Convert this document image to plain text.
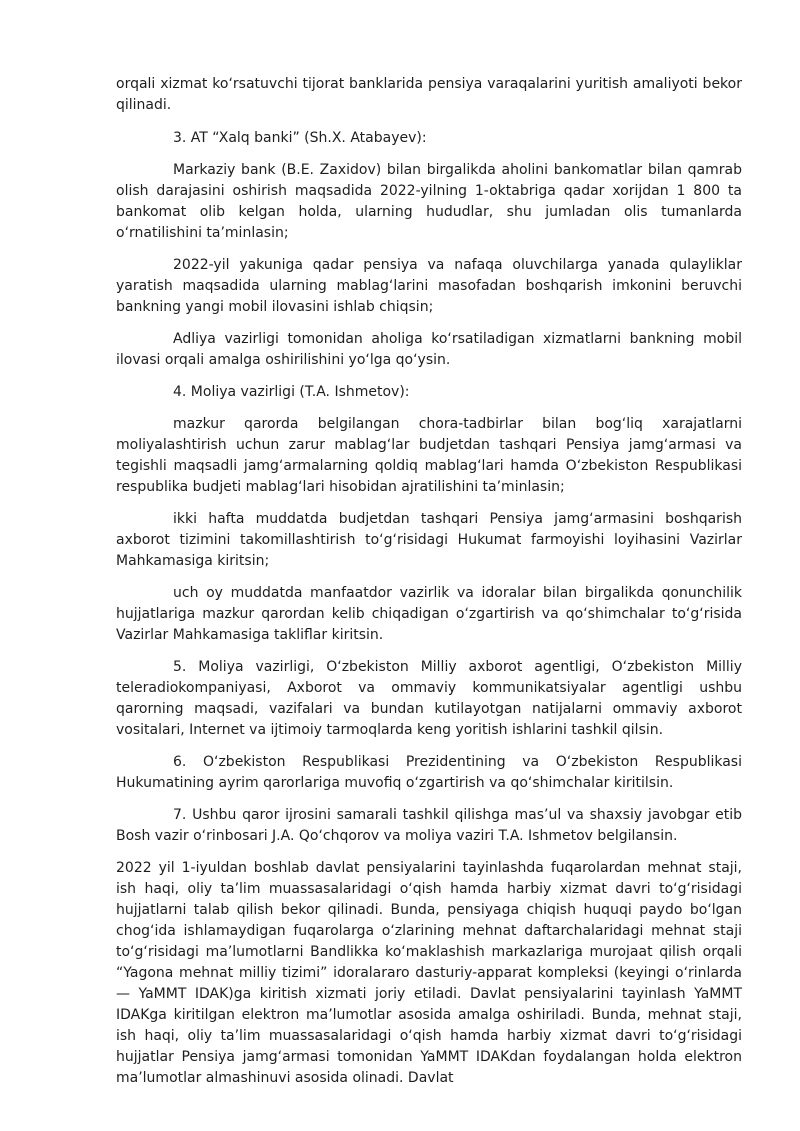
orqali xizmat ko‘rsatuvchi tijorat banklarida pensiya varaqalarini yuritish amaliyoti bekor qilinadi.

3. AT “Xalq banki” (Sh.X. Atabayev):

Markaziy bank (B.E. Zaxidov) bilan birgalikda aholini bankomatlar bilan qamrab olish darajasini oshirish maqsadida 2022-yilning 1-oktabriga qadar xorijdan 1 800 ta bankomat olib kelgan holda, ularning hududlar, shu jumladan olis tumanlarda o‘rnatilishini ta’minlasin;

2022-yil yakuniga qadar pensiya va nafaqa oluvchilarga yanada qulayliklar yaratish maqsadida ularning mablag‘larini masofadan boshqarish imkonini beruvchi bankning yangi mobil ilovasini ishlab chiqsin;

Adliya vazirligi tomonidan aholiga ko‘rsatiladigan xizmatlarni bankning mobil ilovasi orqali amalga oshirilishini yo‘lga qo‘ysin.

4. Moliya vazirligi (T.A. Ishmetov):

mazkur qarorda belgilangan chora-tadbirlar bilan bog‘liq xarajatlarni moliyalashtirish uchun zarur mablag‘lar budjetdan tashqari Pensiya jamg‘armasi va tegishli maqsadli jamg‘armalarning qoldiq mablag‘lari hamda O‘zbekiston Respublikasi respublika budjeti mablag‘lari hisobidan ajratilishini ta’minlasin;

ikki hafta muddatda budjetdan tashqari Pensiya jamg‘armasini boshqarish axborot tizimini takomillashtirish to‘g‘risidagi Hukumat farmoyishi loyihasini Vazirlar Mahkamasiga kiritsin;

uch oy muddatda manfaatdor vazirlik va idoralar bilan birgalikda qonunchilik hujjatlariga mazkur qarordan kelib chiqadigan o‘zgartirish va qo‘shimchalar to‘g‘risida Vazirlar Mahkamasiga takliflar kiritsin.

5. Moliya vazirligi, O‘zbekiston Milliy axborot agentligi, O‘zbekiston Milliy teleradiokompaniyasi, Axborot va ommaviy kommunikatsiyalar agentligi ushbu qarorning maqsadi, vazifalari va bundan kutilayotgan natijalarni ommaviy axborot vositalari, Internet va ijtimoiy tarmoqlarda keng yoritish ishlarini tashkil qilsin.

6. O‘zbekiston Respublikasi Prezidentining va O‘zbekiston Respublikasi Hukumatining ayrim qarorlariga muvofiq o‘zgartirish va qo‘shimchalar kiritilsin.

7. Ushbu qaror ijrosini samarali tashkil qilishga mas’ul va shaxsiy javobgar etib Bosh vazir o‘rinbosari J.A. Qo‘chqorov va moliya vaziri T.A. Ishmetov belgilansin.

2022 yil 1-iyuldan boshlab davlat pensiyalarini tayinlashda fuqarolardan mehnat staji, ish haqi, oliy ta’lim muassasalaridagi o‘qish hamda harbiy xizmat davri to‘g‘risidagi hujjatlarni talab qilish bekor qilinadi. Bunda, pensiyaga chiqish huquqi paydo bo‘lgan chog‘ida ishlamaydigan fuqarolarga o‘zlarining mehnat daftarchalaridagi mehnat staji to‘g‘risidagi ma’lumotlarni Bandlikka ko‘maklashish markazlariga murojaat qilish orqali “Yagona mehnat milliy tizimi” idoralararo dasturiy-apparat kompleksi (keyingi o‘rinlarda — YaMMT IDAK)ga kiritish xizmati joriy etiladi. Davlat pensiyalarini tayinlash YaMMT IDAKga kiritilgan elektron ma’lumotlar asosida amalga oshiriladi. Bunda, mehnat staji, ish haqi, oliy ta’lim muassasalaridagi o‘qish hamda harbiy xizmat davri to‘g‘risidagi hujjatlar Pensiya jamg‘armasi tomonidan YaMMT IDAKdan foydalangan holda elektron ma’lumotlar almashinuvi asosida olinadi. Davlat
